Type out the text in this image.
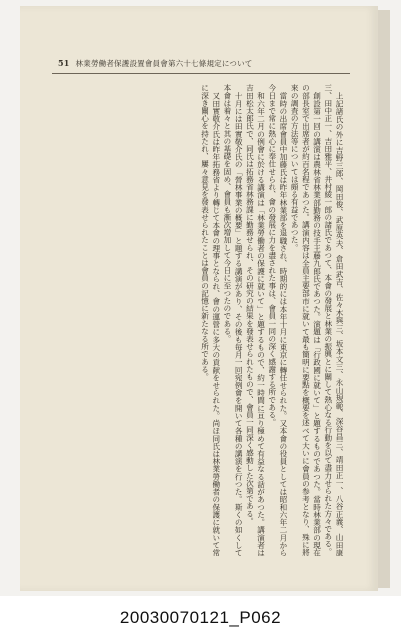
51 林業勞働者保護設置會員會第六十七條規定について

上記諸氏の外に吉野三郎、岡田俊、武原英夫、倉田武吉、佐々木與三、坂本文三、永山規範、深谷昌三、靖田正一、八谷正義、山田康三、田中正一、吉田雅平、井村綾一郎の諸氏であつて、本會の發展と林業の振興とに關して熱心なる行動を以て盡力せられた方々である。

創設第一回の講演は農林省林業部勤務の技手王藤九郎氏であつた。演題は「行政國に就いて」と題するものであつた。當時林業部の現在の部長室で出席者が約百名程であつた。講演内容は全員主要部市に就いて最も簡明に要點を概要を述べて大いに會員の参考となり、殊に將來の調査の方法等については頗る有益であつた。

當時の出席會員中加藤氏は昨年林業部を退職され、時期的には本年十月に東京に轉任せられた。又本會の役員としては昭和六年二月から今日まで常に熱心に奉仕せられ、會の發展に力を盡された事は、會員一同の深く感謝する所である。

和六年二月の例會に於ける講演は「林業勞働者の保護に就いて」と題するもので、約一時間に亘り極めて有益なる話があつた。講演者は吉田松太郎氏で、同氏は拓務省林務課に勤務せられ、その研究の結果を發表せられたもので、會員一同深く感動した次第である。

十月には田實敬介氏の「營林事業の概要」と題する講演があり、その後も毎月一回宛例會を開いて各種の講演を行つた。斯くの如くして本會は着々と其の基礎を固め、會員も漸次增加して今日に至つたのである。

又田實敬介氏は昨年拓務省より轉じて本會の理事となられ、會の運營に多大の貢献をせられた。尚ほ同氏は林業勞働者の保護に就いて常に深き關心を持たれ、屢々意見を發表せられたことは會員の記憶に新たなる所である。

20030070121_P062
